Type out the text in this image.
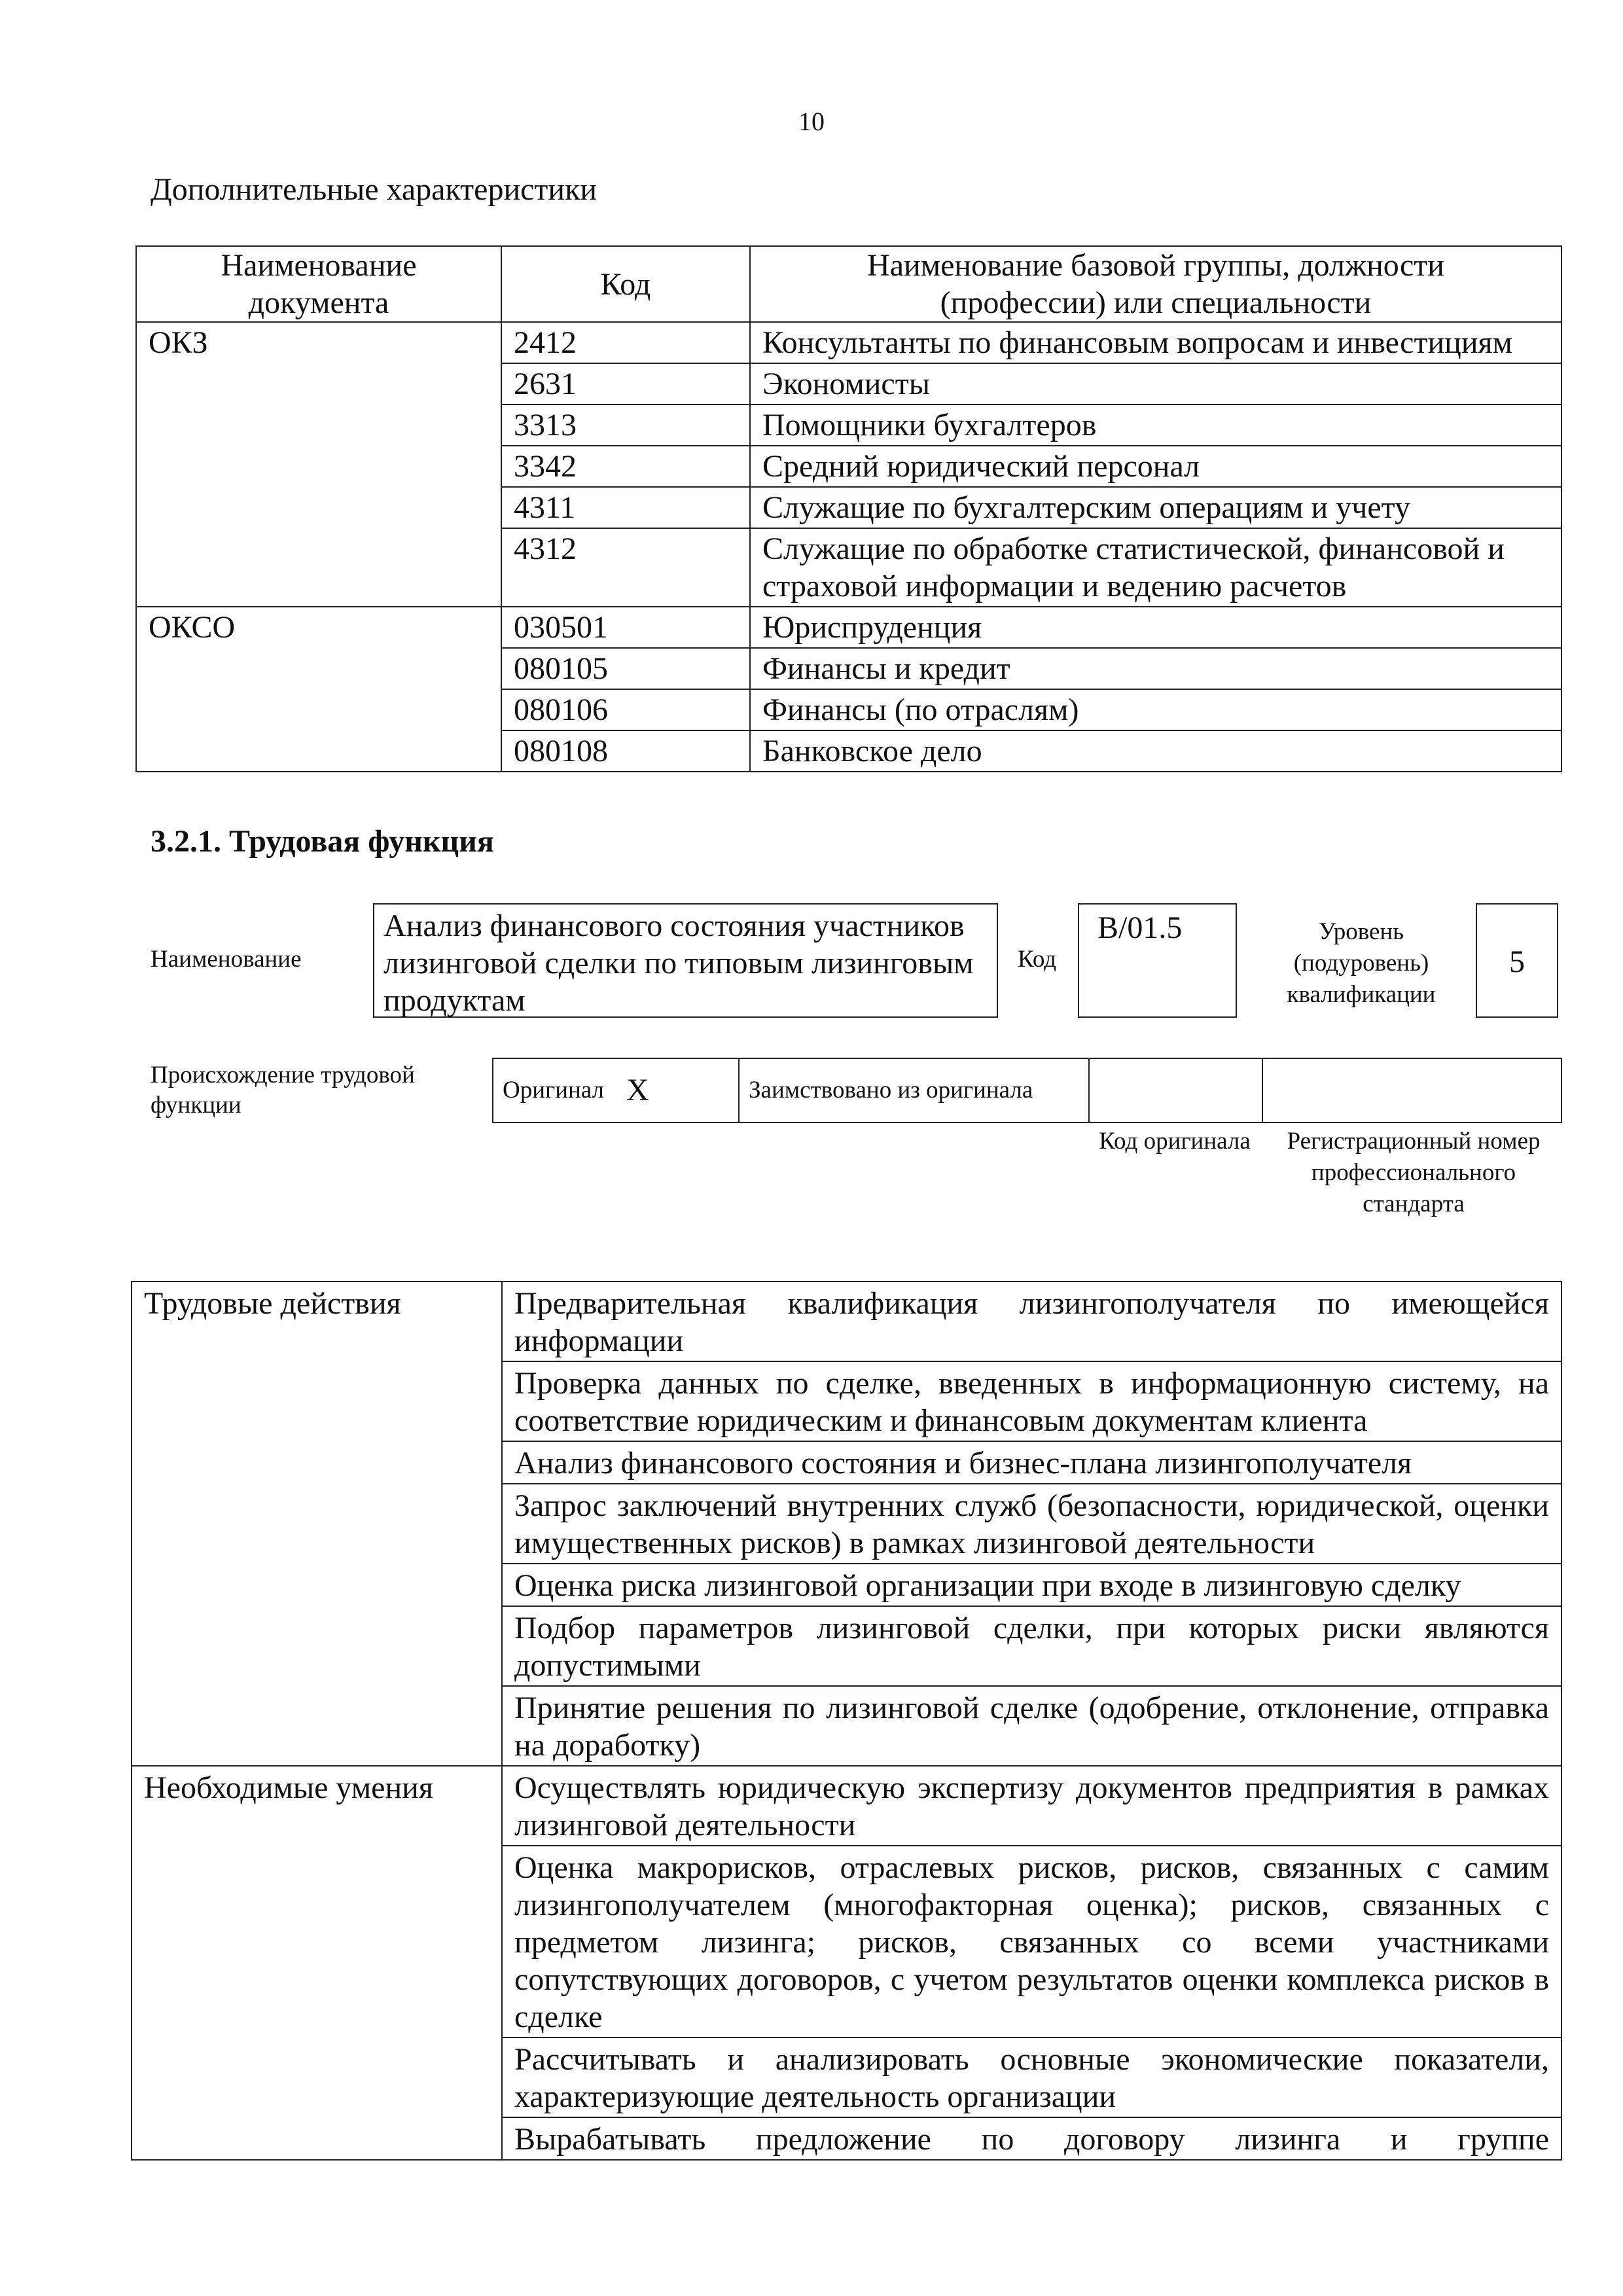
10
Дополнительные характеристики
Наименование документа	Код	Наименование базовой группы, должности (профессии) или специальности
ОКЗ	2412	Консультанты по финансовым вопросам и инвестициям
	2631	Экономисты
	3313	Помощники бухгалтеров
	3342	Средний юридический персонал
	4311	Служащие по бухгалтерским операциям и учету
	4312	Служащие по обработке статистической, финансовой и страховой информации и ведению расчетов
ОКСО	030501	Юриспруденция
	080105	Финансы и кредит
	080106	Финансы (по отраслям)
	080108	Банковское дело
3.2.1. Трудовая функция
Наименование
Анализ финансового состояния участников лизинговой сделки по типовым лизинговым продуктам
Код
B/01.5	Уровень (подуровень) квалификации
5
Происхождение трудовой функции
Оригинал	X	Заимствовано из оригинала		
Код оригинала	Регистрационный номер профессионального стандарта
Трудовые действия	Предварительная квалификация лизингополучателя по имеющейся информации
	Проверка данных по сделке, введенных в информационную систему, на соответствие юридическим и финансовым документам клиента
	Анализ финансового состояния и бизнес-плана лизингополучателя
	Запрос заключений внутренних служб (безопасности, юридической, оценки имущественных рисков) в рамках лизинговой деятельности
	Оценка риска лизинговой организации при входе в лизинговую сделку
	Подбор параметров лизинговой сделки, при которых риски являются допустимыми
	Принятие решения по лизинговой сделке (одобрение, отклонение, отправка на доработку)
Необходимые умения	Осуществлять юридическую экспертизу документов предприятия в рамках лизинговой деятельности
	Оценка макрорисков, отраслевых рисков, рисков, связанных с самим лизингополучателем (многофакторная оценка); рисков, связанных с предметом лизинга; рисков, связанных со всеми участниками сопутствующих договоров, с учетом результатов оценки комплекса рисков в сделке
	Рассчитывать и анализировать основные экономические показатели, характеризующие деятельность организации
	Вырабатывать предложение по договору лизинга и группе
